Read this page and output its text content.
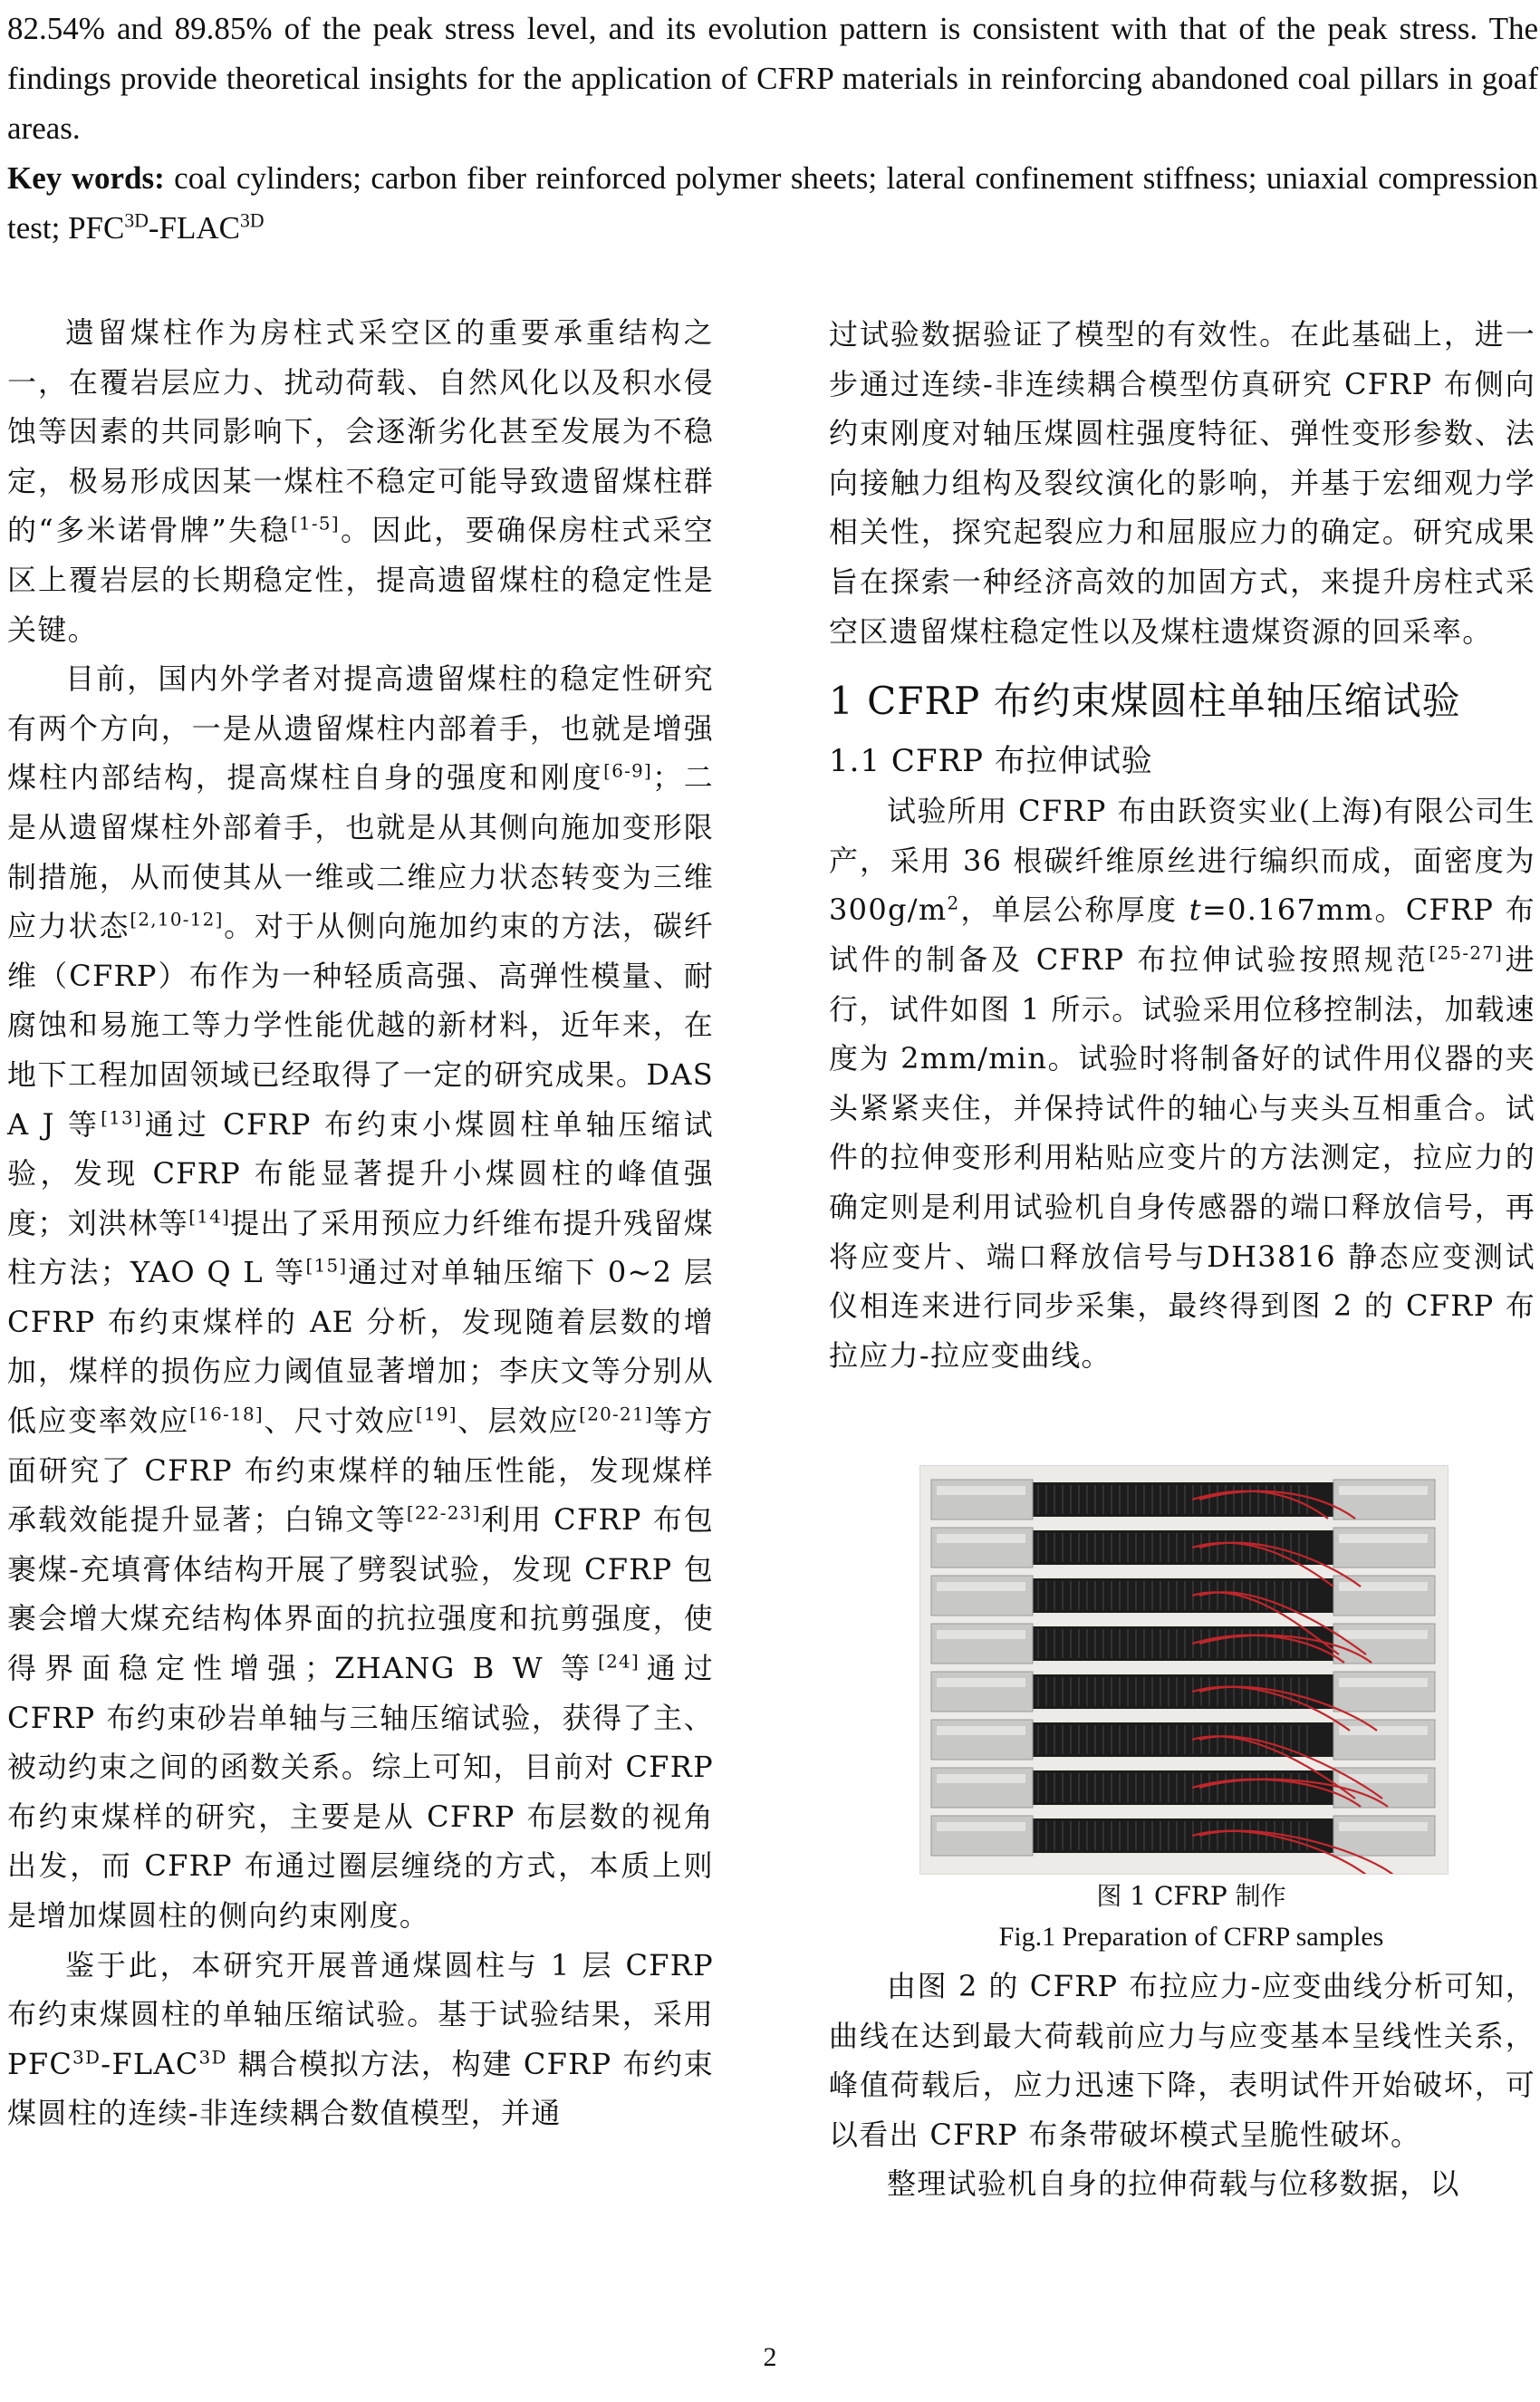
82.54% and 89.85% of the peak stress level, and its evolution pattern is consistent with that of the peak stress. The findings provide theoretical insights for the application of CFRP materials in reinforcing abandoned coal pillars in goaf areas.

Key words: coal cylinders; carbon fiber reinforced polymer sheets; lateral confinement stiffness; uniaxial compression test; $PFC^{3D}-FLAC^{3D}$

遗留煤柱作为房柱式采空区的重要承重结构之一，在覆岩层应力、扰动荷载、自然风化以及积水侵蚀等因素的共同影响下，会逐渐劣化甚至发展为不稳定，极易形成因某一煤柱不稳定可能导致遗留煤柱群的“多米诺骨牌”失稳[1-5]。因此，要确保房柱式采空区上覆岩层的长期稳定性，提高遗留煤柱的稳定性是关键。

目前，国内外学者对提高遗留煤柱的稳定性研究有两个方向，一是从遗留煤柱内部着手，也就是增强煤柱内部结构，提高煤柱自身的强度和刚度[6-9]；二是从遗留煤柱外部着手，也就是从其侧向施加变形限制措施，从而使其从一维或二维应力状态转变为三维应力状态[2,10-12]。对于从侧向施加约束的方法，碳纤维（CFRP）布作为一种轻质高强、高弹性模量、耐腐蚀和易施工等力学性能优越的新材料，近年来，在地下工程加固领域已经取得了一定的研究成果。DAS A J 等[13]通过 CFRP 布约束小煤圆柱单轴压缩试验，发现 CFRP 布能显著提升小煤圆柱的峰值强度；刘洪林等[14]提出了采用预应力纤维布提升残留煤柱方法；YAO Q L 等[15]通过对单轴压缩下 0~2 层 CFRP 布约束煤样的 AE 分析，发现随着层数的增加，煤样的损伤应力阈值显著增加；李庆文等分别从低应变率效应[16-18]、尺寸效应[19]、层效应[20-21]等方面研究了 CFRP 布约束煤样的轴压性能，发现煤样承载效能提升显著；白锦文等[22-23]利用 CFRP 布包裹煤-充填膏体结构开展了劈裂试验，发现 CFRP 包裹会增大煤充结构体界面的抗拉强度和抗剪强度，使得界面稳定性增强；ZHANG B W 等[24]通过 CFRP 布约束砂岩单轴与三轴压缩试验，获得了主、被动约束之间的函数关系。综上可知，目前对 CFRP 布约束煤样的研究，主要是从 CFRP 布层数的视角出发，而 CFRP 布通过圈层缠绕的方式，本质上则是增加煤圆柱的侧向约束刚度。

鉴于此，本研究开展普通煤圆柱与 1 层 CFRP 布约束煤圆柱的单轴压缩试验。基于试验结果，采用 $PFC^{3D}-FLAC^{3D}$ 耦合模拟方法，构建 CFRP 布约束煤圆柱的连续-非连续耦合数值模型，并通

过试验数据验证了模型的有效性。在此基础上，进一步通过连续-非连续耦合模型仿真研究 CFRP 布侧向约束刚度对轴压煤圆柱强度特征、弹性变形参数、法向接触力组构及裂纹演化的影响，并基于宏细观力学相关性，探究起裂应力和屈服应力的确定。研究成果旨在探索一种经济高效的加固方式，来提升房柱式采空区遗留煤柱稳定性以及煤柱遗煤资源的回采率。

1 CFRP 布约束煤圆柱单轴压缩试验
1.1 CFRP 布拉伸试验

试验所用 CFRP 布由跃资实业(上海)有限公司生产，采用 36 根碳纤维原丝进行编织而成，面密度为 $300g/m^2$，单层公称厚度 t=0.167mm。CFRP 布试件的制备及 CFRP 布拉伸试验按照规范[25-27]进行，试件如图 1 所示。试验采用位移控制法，加载速度为 2mm/min。试验时将制备好的试件用仪器的夹头紧紧夹住，并保持试件的轴心与夹头互相重合。试件的拉伸变形利用粘贴应变片的方法测定，拉应力的确定则是利用试验机自身传感器的端口释放信号，再将应变片、端口释放信号与DH3816 静态应变测试仪相连来进行同步采集，最终得到图 2 的 CFRP 布拉应力-拉应变曲线。

图 1 CFRP 制作
Fig.1 Preparation of CFRP samples

由图 2 的 CFRP 布拉应力-应变曲线分析可知，曲线在达到最大荷载前应力与应变基本呈线性关系，峰值荷载后，应力迅速下降，表明试件开始破坏，可以看出 CFRP 布条带破坏模式呈脆性破坏。

整理试验机自身的拉伸荷载与位移数据，以

2
